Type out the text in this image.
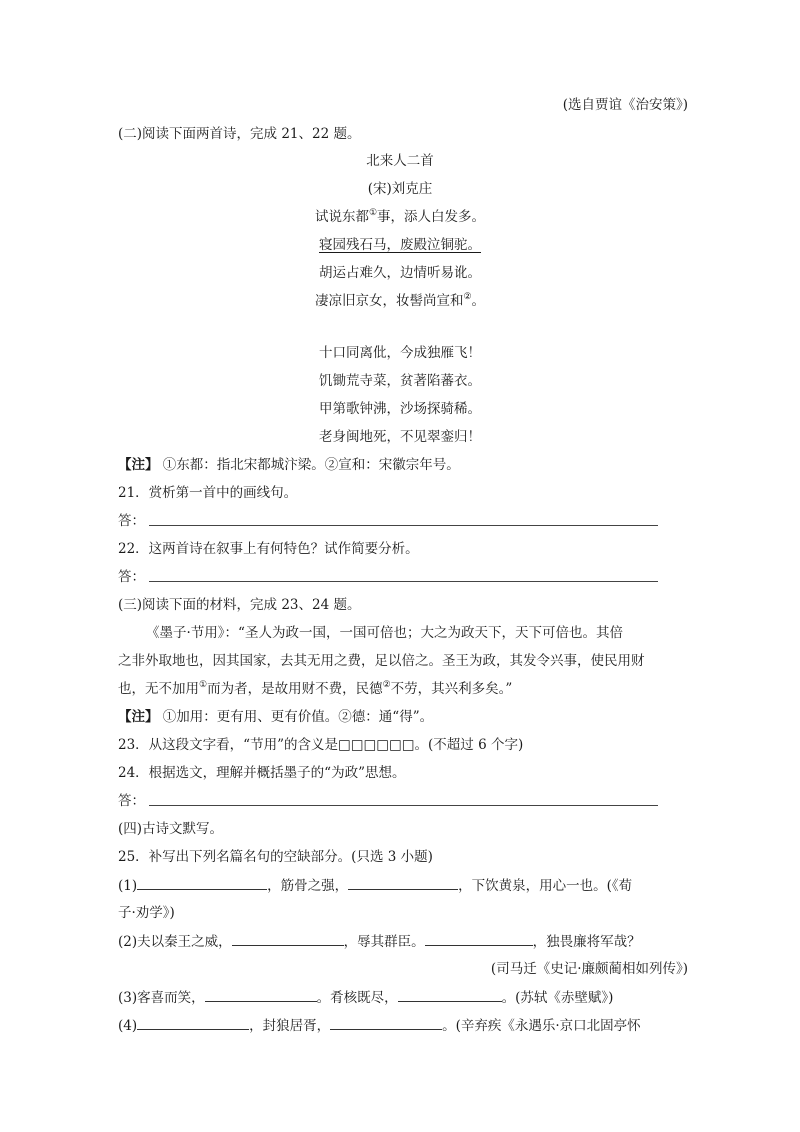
(选自贾谊《治安策》)
(二)阅读下面两首诗，完成 21、22 题。
北来人二首
(宋)刘克庄
试说东都①事，添人白发多。
寝园残石马，废殿泣铜驼。
胡运占难久，边情听易讹。
凄凉旧京女，妆髻尚宣和②。
十口同离仳，今成独雁飞！
饥锄荒寺菜，贫著陷蕃衣。
甲第歌钟沸，沙场探骑稀。
老身闽地死，不见翠銮归！
【注】 ①东都：指北宋都城汴梁。②宣和：宋徽宗年号。
21．赏析第一首中的画线句。
答：
22．这两首诗在叙事上有何特色？试作简要分析。
答：
(三)阅读下面的材料，完成 23、24 题。
《墨子·节用》：“圣人为政一国，一国可倍也；大之为政天下，天下可倍也。其倍
之非外取地也，因其国家，去其无用之费，足以倍之。圣王为政，其发令兴事，使民用财
也，无不加用①而为者，是故用财不费，民德②不劳，其兴利多矣。”
【注】 ①加用：更有用、更有价值。②德：通“得”。
23．从这段文字看，“节用”的含义是□□□□□□。(不超过 6 个字)
24．根据选文，理解并概括墨子的“为政”思想。
答：
(四)古诗文默写。
25．补写出下列名篇名句的空缺部分。(只选 3 小题)
(1)	，筋骨之强，	，下饮黄泉，用心一也。(《荀
子·劝学》)
(2)夫以秦王之威，	，辱其群臣。	，独畏廉将军哉？
(司马迁《史记·廉颇蔺相如列传》)
(3)客喜而笑，	。肴核既尽，	。(苏轼《赤壁赋》)
(4)	，封狼居胥，	。(辛弃疾《永遇乐·京口北固亭怀
